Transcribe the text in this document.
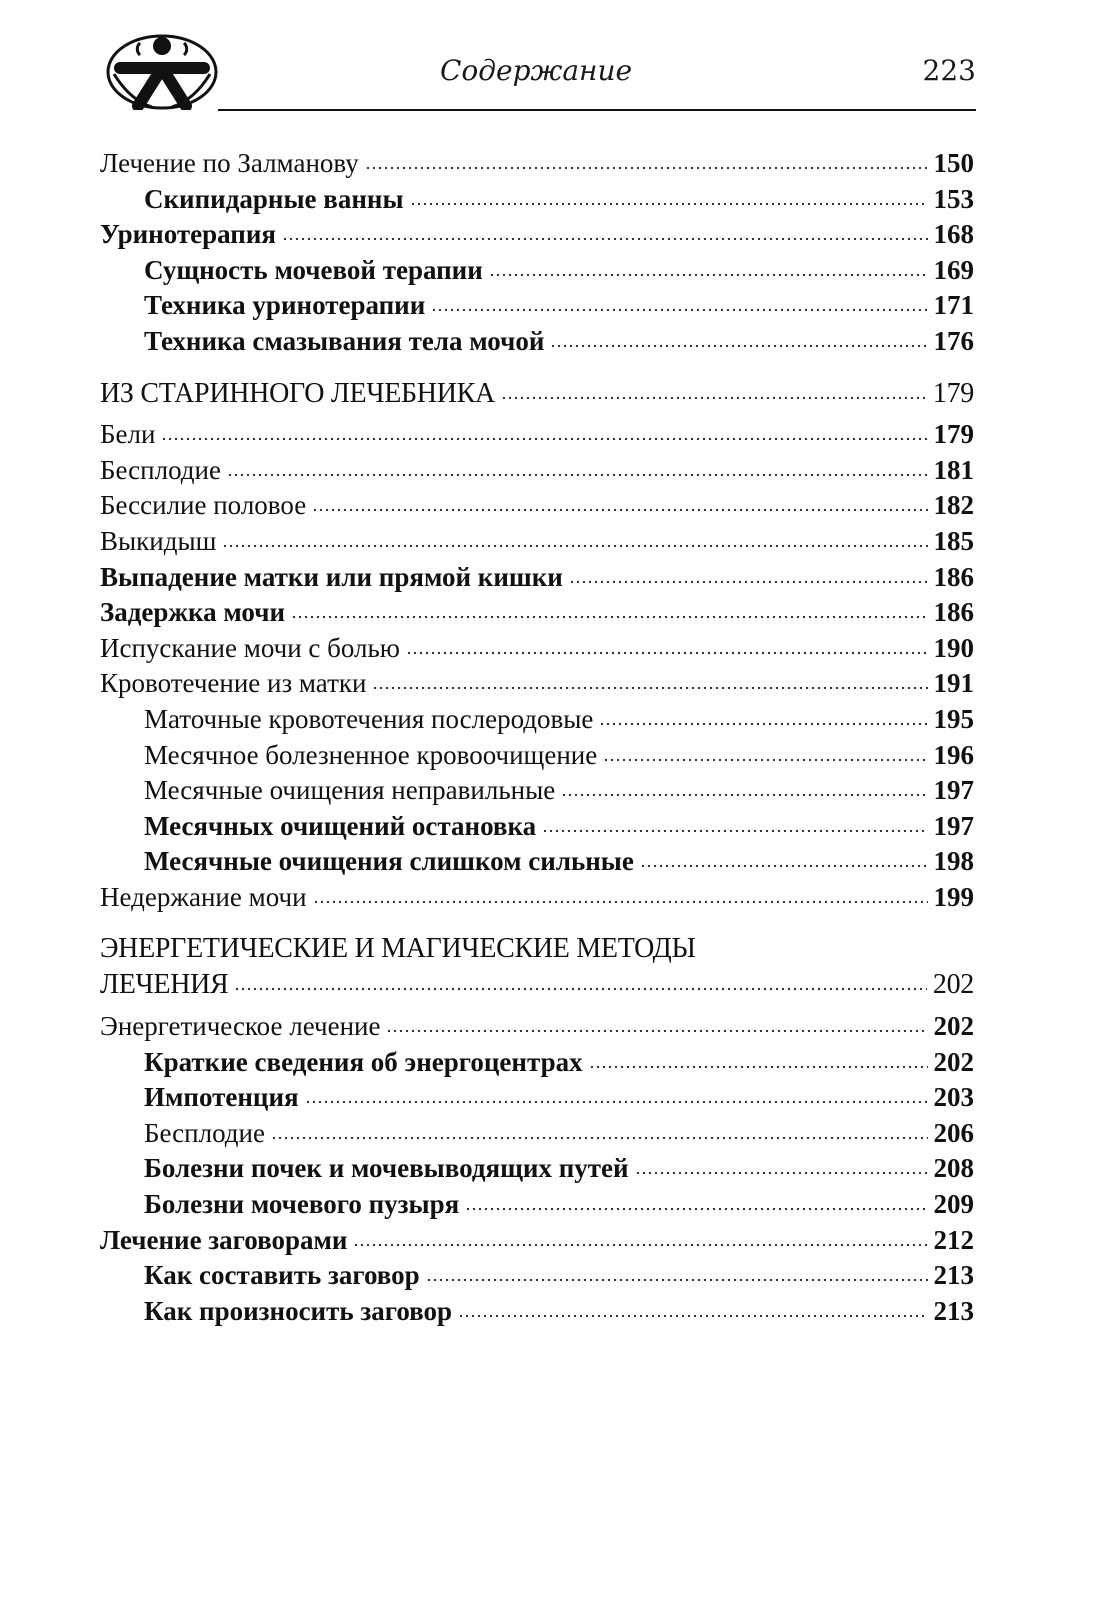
Содержание	223
Лечение по Залманову	150
Скипидарные ванны	153
Уринотерапия	168
Сущность мочевой терапии	169
Техника уринотерапии	171
Техника смазывания тела мочой	176
ИЗ СТАРИННОГО ЛЕЧЕБНИКА	179
Бели	179
Бесплодие	181
Бессилие половое	182
Выкидыш	185
Выпадение матки или прямой кишки	186
Задержка мочи	186
Испускание мочи с болью	190
Кровотечение из матки	191
Маточные кровотечения послеродовые	195
Месячное болезненное кровоочищение	196
Месячные очищения неправильные	197
Месячных очищений остановка	197
Месячные очищения слишком сильные	198
Недержание мочи	199
ЭНЕРГЕТИЧЕСКИЕ И МАГИЧЕСКИЕ МЕТОДЫ
ЛЕЧЕНИЯ	202
Энергетическое лечение	202
Краткие сведения об энергоцентрах	202
Импотенция	203
Бесплодие	206
Болезни почек и мочевыводящих путей	208
Болезни мочевого пузыря	209
Лечение заговорами	212
Как составить заговор	213
Как произносить заговор	213
